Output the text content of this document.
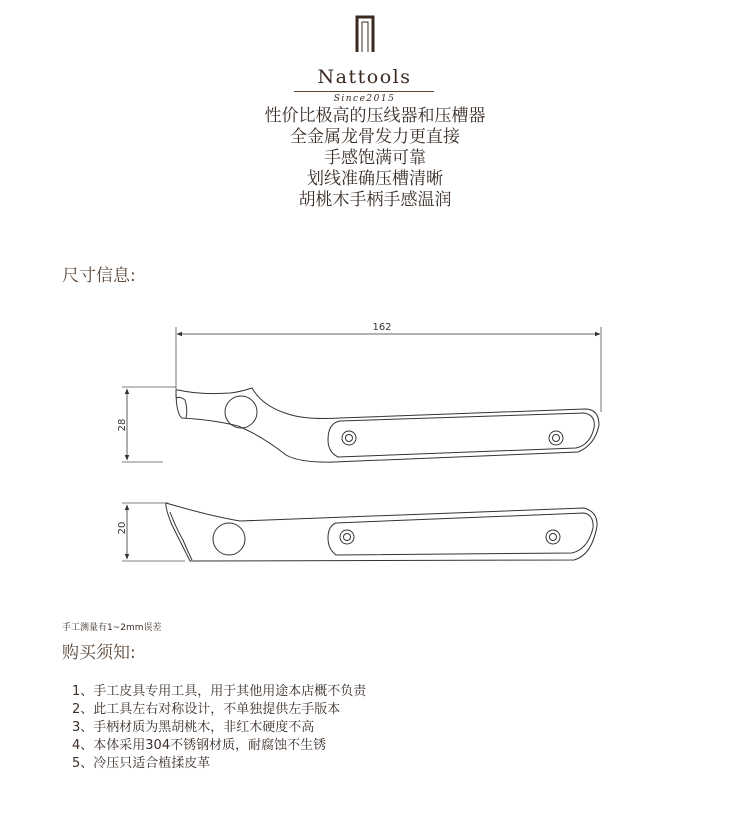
Nattools
Since2015
性价比极高的压线器和压槽器
全金属龙骨发力更直接
手感饱满可靠
划线准确压槽清晰
胡桃木手柄手感温润
尺寸信息:
162
28
20
手工测量有1~2mm误差
购买须知:
1、手工皮具专用工具，用于其他用途本店概不负责
2、此工具左右对称设计，不单独提供左手版本
3、手柄材质为黑胡桃木，非红木硬度不高
4、本体采用304不锈钢材质，耐腐蚀不生锈
5、冷压只适合植揉皮革
